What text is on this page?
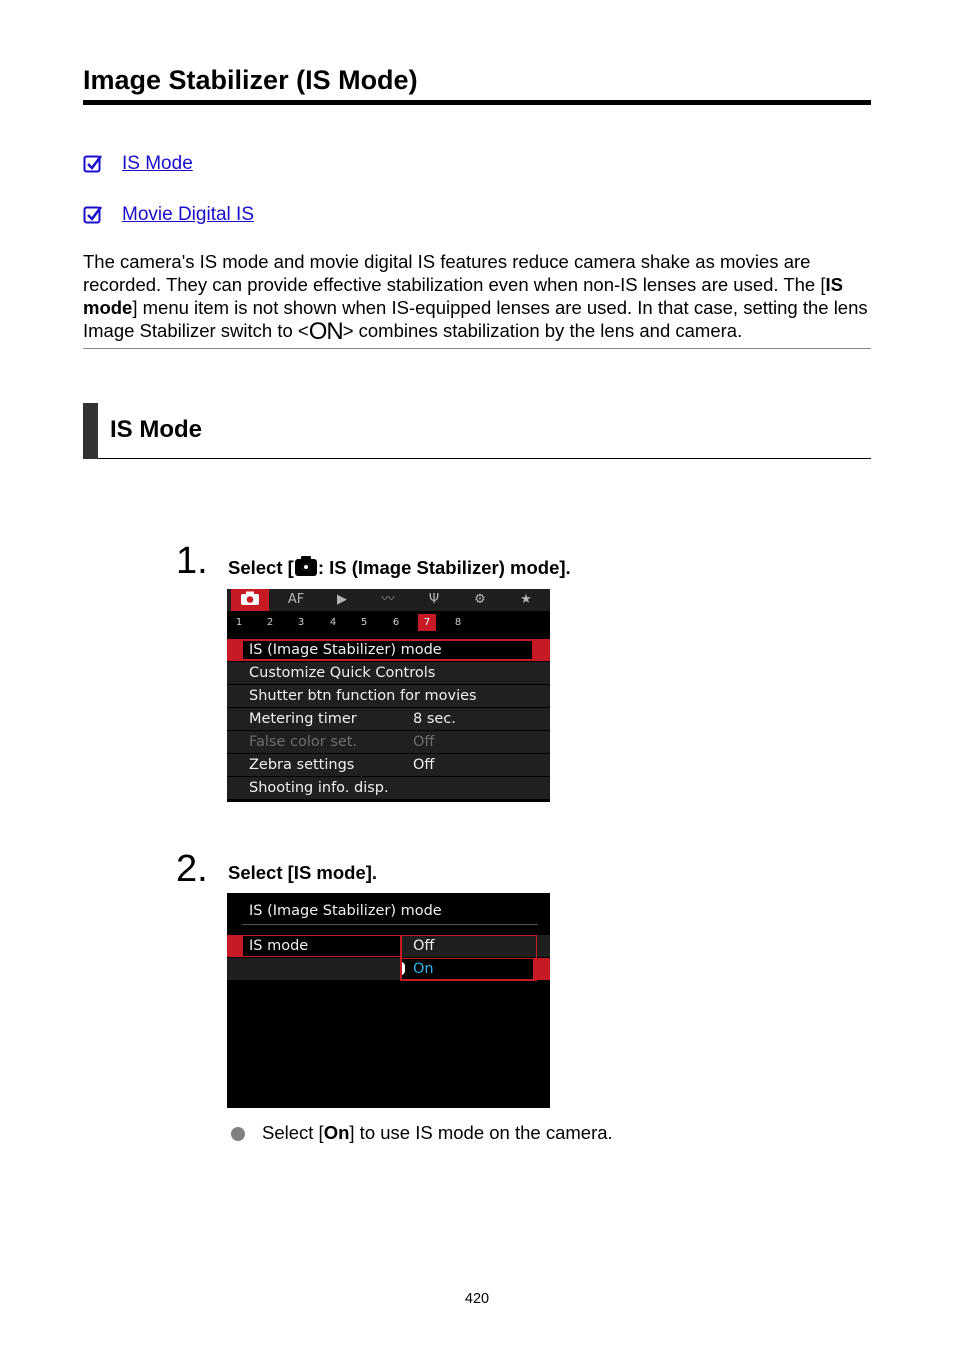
Image Stabilizer (IS Mode)
IS Mode
Movie Digital IS
The camera's IS mode and movie digital IS features reduce camera shake as movies are recorded. They can provide effective stabilization even when non-IS lenses are used. The [IS mode] menu item is not shown when IS-equipped lenses are used. In that case, setting the lens Image Stabilizer switch to <ON> combines stabilization by the lens and camera.
IS Mode
1. Select [ : IS (Image Stabilizer) mode].
AF	▶	〰	Ψ	⚙	★
1	2	3	4	5	6	7	8
IS (Image Stabilizer) mode
Customize Quick Controls
Shutter btn function for movies
Metering timer	8 sec.
False color set.	Off
Zebra settings	Off
Shooting info. disp.
2. Select [IS mode].
IS (Image Stabilizer) mode
IS mode	Off
On
Select [On] to use IS mode on the camera.
420
